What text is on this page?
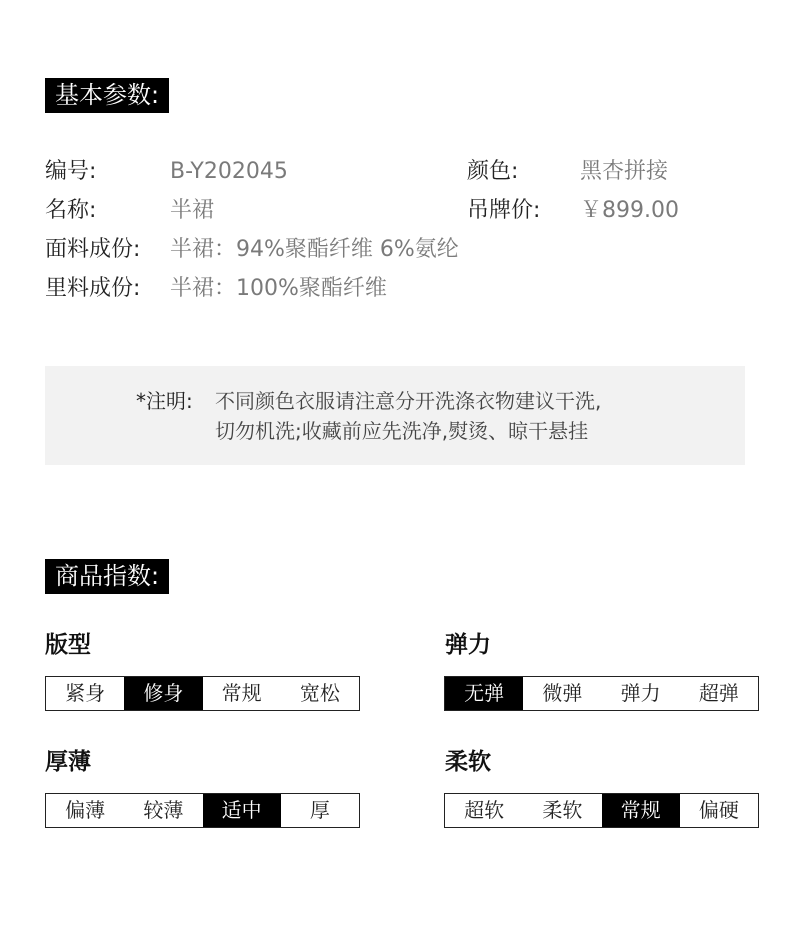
基本参数:
编号:	B-Y202045	颜色:	黑杏拼接
名称:	半裙	吊牌价: ￥899.00
面料成份: 半裙：94%聚酯纤维 6%氨纶
里料成份: 半裙：100%聚酯纤维
*注明: 不同颜色衣服请注意分开洗涤衣物建议干洗,
切勿机洗;收藏前应先洗净,熨烫、晾干悬挂
商品指数:
版型
紧身	修身	常规	宽松
弹力
无弹	微弹	弹力	超弹
厚薄
偏薄	较薄	适中	厚
柔软
超软	柔软	常规	偏硬
